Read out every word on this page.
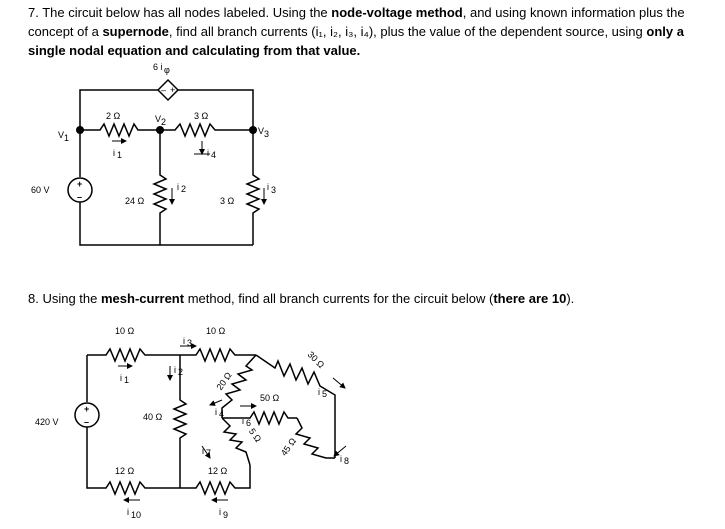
7. The circuit below has all nodes labeled. Using the node-voltage method, and using known information plus the concept of a supernode, find all branch currents (i₁, i₂, i₃, i₄), plus the value of the dependent source, using only a single nodal equation and calculating from that value.
8. Using the mesh-current method, find all branch currents for the circuit below (there are 10).
– +
6 i φ
2 Ω	3 Ω
V 1
V 2
V 3
i 1	i 4
+
–
60 V
24 Ω
i 2
3 Ω
i 3
10 Ω	10 Ω
i 3
i 1
30 Ω
i 5
20 Ω
i 4
50 Ω
i 6
45 Ω
i 8
5 Ω
i 7
40 Ω
i 2
+
–
420 V
12 Ω	12 Ω
i 10	i 9
